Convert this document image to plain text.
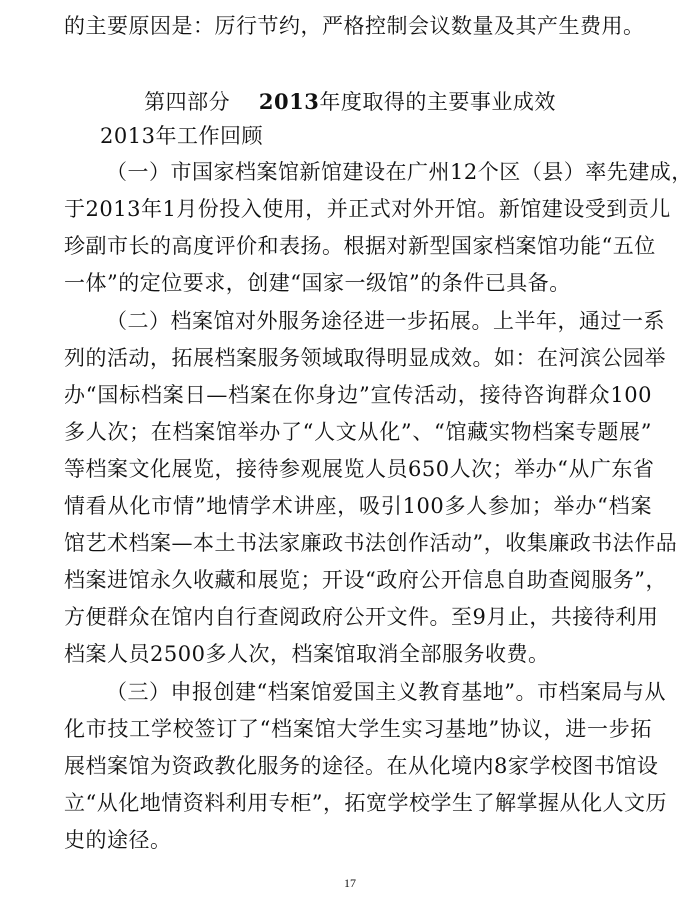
的主要原因是：厉行节约，严格控制会议数量及其产生费用。
第四部分 2013年度取得的主要事业成效
2013年工作回顾
（一）市国家档案馆新馆建设在广州12个区（县）率先建成，
于2013年1月份投入使用，并正式对外开馆。新馆建设受到贡儿
珍副市长的高度评价和表扬。根据对新型国家档案馆功能“五位
一体”的定位要求，创建“国家一级馆”的条件已具备。
（二）档案馆对外服务途径进一步拓展。上半年，通过一系
列的活动，拓展档案服务领域取得明显成效。如：在河滨公园举
办“国标档案日—档案在你身边”宣传活动，接待咨询群众100
多人次；在档案馆举办了“人文从化”、“馆藏实物档案专题展”
等档案文化展览，接待参观展览人员650人次；举办“从广东省
情看从化市情”地情学术讲座，吸引100多人参加；举办“档案
馆艺术档案—本土书法家廉政书法创作活动”，收集廉政书法作品
档案进馆永久收藏和展览；开设“政府公开信息自助查阅服务”，
方便群众在馆内自行查阅政府公开文件。至9月止，共接待利用
档案人员2500多人次，档案馆取消全部服务收费。
（三）申报创建“档案馆爱国主义教育基地”。市档案局与从
化市技工学校签订了“档案馆大学生实习基地”协议，进一步拓
展档案馆为资政教化服务的途径。在从化境内8家学校图书馆设
立“从化地情资料利用专柜”，拓宽学校学生了解掌握从化人文历
史的途径。
17
